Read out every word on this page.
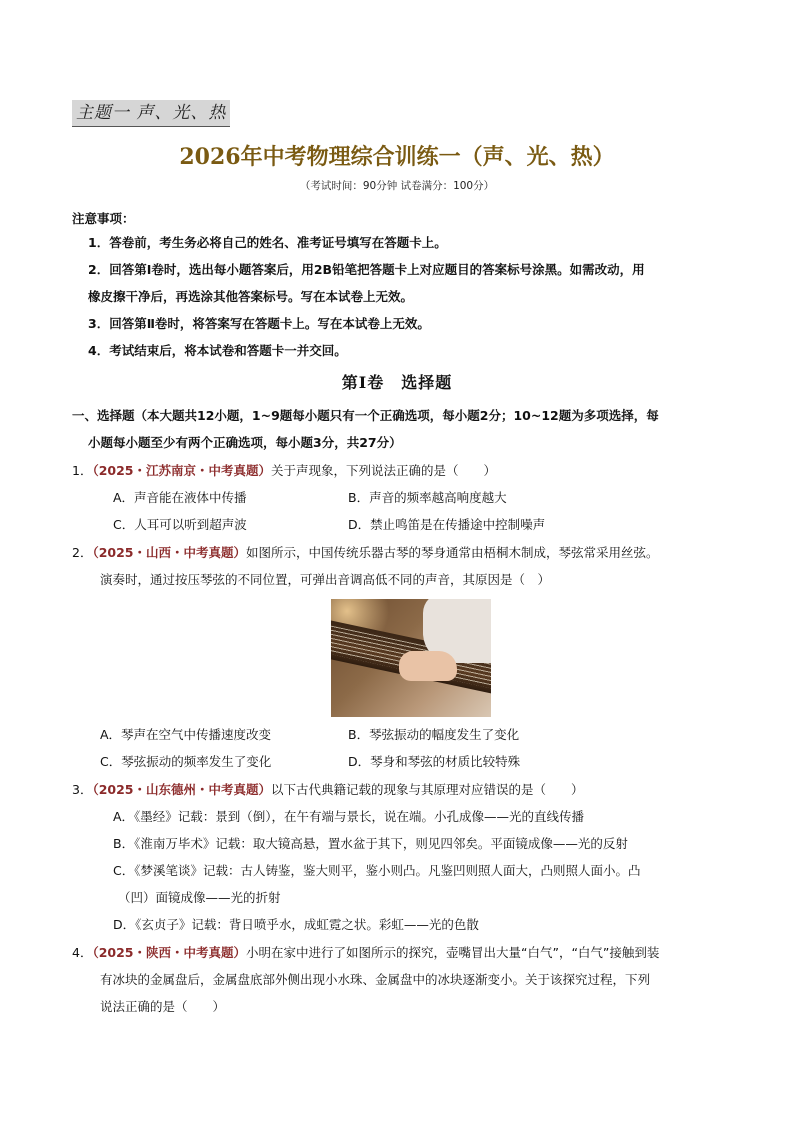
主题一 声、光、热
2026年中考物理综合训练一（声、光、热）
（考试时间：90分钟 试卷满分：100分）
注意事项：
1．答卷前，考生务必将自己的姓名、准考证号填写在答题卡上。
2．回答第Ⅰ卷时，选出每小题答案后，用2B铅笔把答题卡上对应题目的答案标号涂黑。如需改动，用
橡皮擦干净后，再选涂其他答案标号。写在本试卷上无效。
3．回答第Ⅱ卷时，将答案写在答题卡上。写在本试卷上无效。
4．考试结束后，将本试卷和答题卡一并交回。
第Ⅰ卷　选择题
一、选择题（本大题共12小题，1~9题每小题只有一个正确选项，每小题2分；10~12题为多项选择，每
小题每小题至少有两个正确选项，每小题3分，共27分）
1．（2025・江苏南京・中考真题）关于声现象，下列说法正确的是（　　）
A．声音能在液体中传播	B．声音的频率越高响度越大
C．人耳可以听到超声波	D．禁止鸣笛是在传播途中控制噪声
2．（2025・山西・中考真题）如图所示，中国传统乐器古琴的琴身通常由梧桐木制成，琴弦常采用丝弦。
演奏时，通过按压琴弦的不同位置，可弹出音调高低不同的声音，其原因是（　）
A．琴声在空气中传播速度改变	B．琴弦振动的幅度发生了变化
C．琴弦振动的频率发生了变化	D．琴身和琴弦的材质比较特殊
3．（2025・山东德州・中考真题）以下古代典籍记载的现象与其原理对应错误的是（　　）
A．《墨经》记载：景到（倒），在午有端与景长，说在端。小孔成像——光的直线传播
B．《淮南万毕术》记载：取大镜高悬，置水盆于其下，则见四邻矣。平面镜成像——光的反射
C．《梦溪笔谈》记载：古人铸鉴，鉴大则平，鉴小则凸。凡鉴凹则照人面大，凸则照人面小。凸
（凹）面镜成像——光的折射
D．《玄贞子》记载：背日喷乎水，成虹霓之状。彩虹——光的色散
4．（2025・陕西・中考真题）小明在家中进行了如图所示的探究，壶嘴冒出大量“白气”，“白气”接触到装
有冰块的金属盘后，金属盘底部外侧出现小水珠、金属盘中的冰块逐渐变小。关于该探究过程，下列
说法正确的是（　　）
